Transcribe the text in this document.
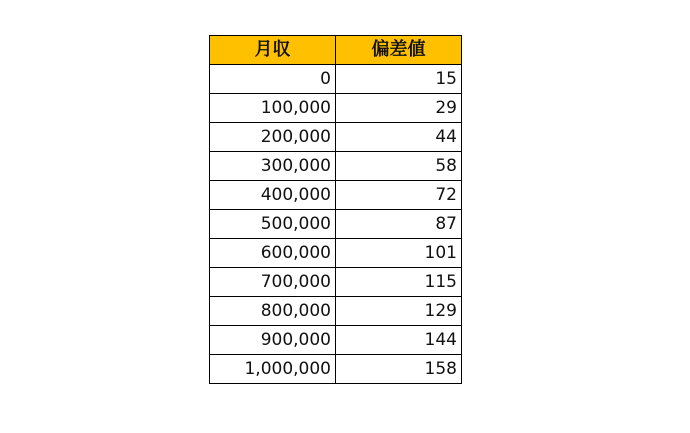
月収	偏差値
0	15
100,000	29
200,000	44
300,000	58
400,000	72
500,000	87
600,000	101
700,000	115
800,000	129
900,000	144
1,000,000	158
